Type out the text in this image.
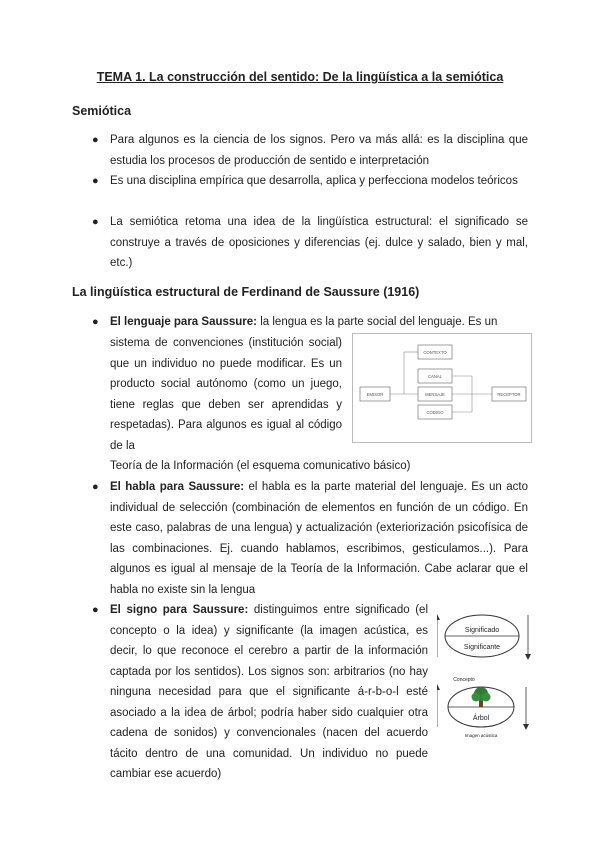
TEMA 1. La construcción del sentido: De la lingüística a la semiótica
Semiótica
● Para algunos es la ciencia de los signos. Pero va más allá: es la disciplina que estudia los procesos de producción de sentido e interpretación
● Es una disciplina empírica que desarrolla, aplica y perfecciona modelos teóricos
● La semiótica retoma una idea de la lingüística estructural: el significado se construye a través de oposiciones y diferencias (ej. dulce y salado, bien y mal, etc.)
La lingüística estructural de Ferdinand de Saussure (1916)
● El lenguaje para Saussure: la lengua es la parte social del lenguaje. Es un
sistema de convenciones (institución social) que un individuo no puede modificar. Es un producto social autónomo (como un juego, tiene reglas que deben ser aprendidas y respetadas). Para algunos es igual al código de la
Teoría de la Información (el esquema comunicativo básico)
CONTEXTO
CANAL
MENSAJE
CÓDIGO
EMISOR	RECEPTOR
● El habla para Saussure: el habla es la parte material del lenguaje. Es un acto individual de selección (combinación de elementos en función de un código. En este caso, palabras de una lengua) y actualización (exteriorización psicofísica de las combinaciones. Ej. cuando hablamos, escribimos, gesticulamos...). Para algunos es igual al mensaje de la Teoría de la Información. Cabe aclarar que el habla no existe sin la lengua
● El signo para Saussure: distinguimos entre significado (el concepto o la idea) y significante (la imagen acústica, es decir, lo que reconoce el cerebro a partir de la información captada por los sentidos). Los signos son: arbitrarios (no hay ninguna necesidad para que el significante á-r-b-o-l esté asociado a la idea de árbol; podría haber sido cualquier otra cadena de sonidos) y convencionales (nacen del acuerdo tácito dentro de una comunidad. Un individuo no puede cambiar ese acuerdo)
Significado
Significante
Concepto
Árbol
Imagen acústica
